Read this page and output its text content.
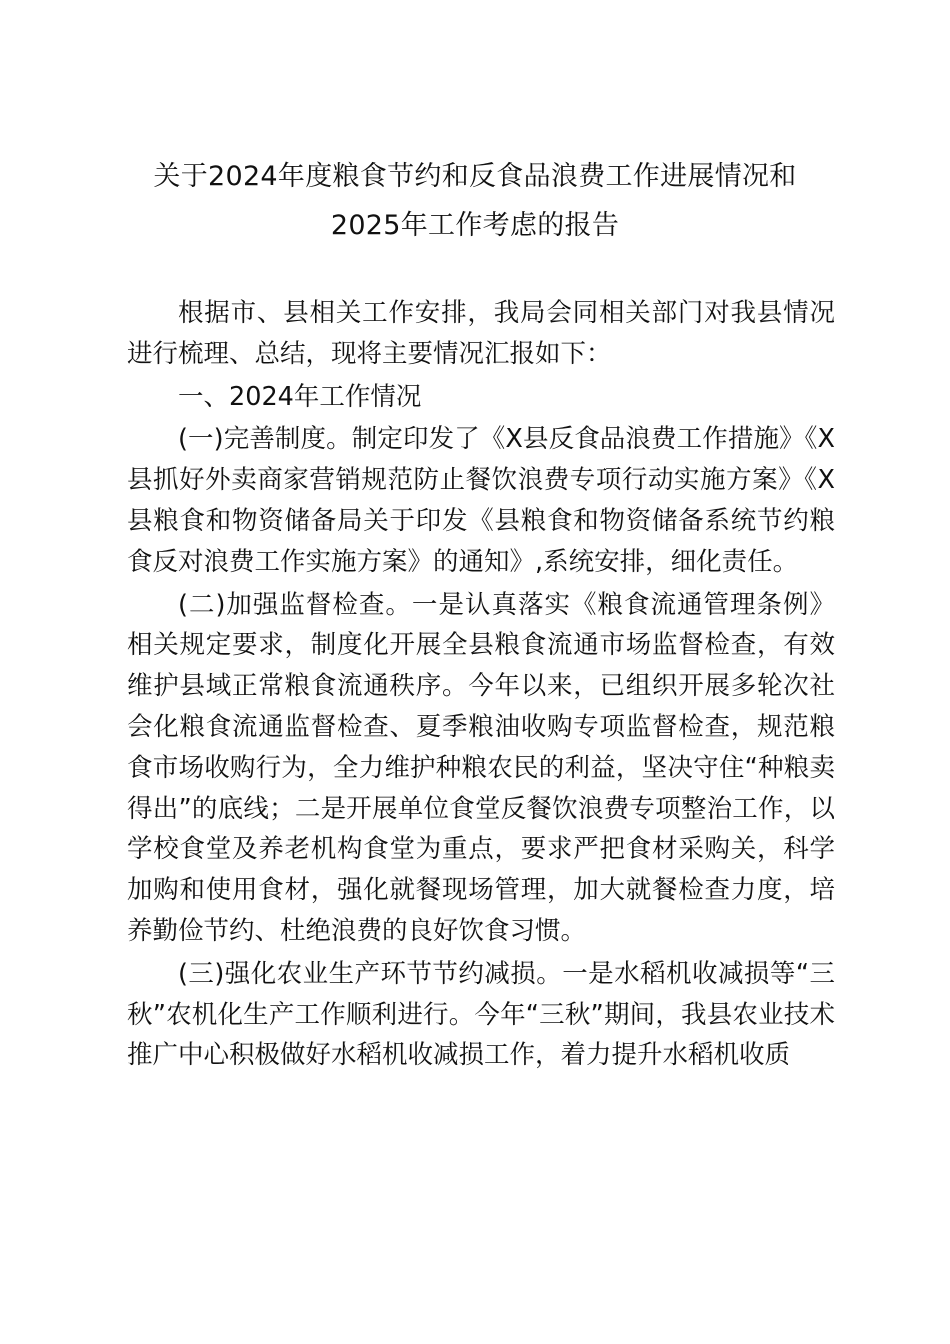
关于2024年度粮食节约和反食品浪费工作进展情况和
2025年工作考虑的报告

根据市、县相关工作安排，我局会同相关部门对我县情况进行梳理、总结，现将主要情况汇报如下：

一、2024年工作情况

(一)完善制度。制定印发了《X县反食品浪费工作措施》《X县抓好外卖商家营销规范防止餐饮浪费专项行动实施方案》《X县粮食和物资储备局关于印发《县粮食和物资储备系统节约粮食反对浪费工作实施方案》的通知》,系统安排，细化责任。

(二)加强监督检查。一是认真落实《粮食流通管理条例》相关规定要求，制度化开展全县粮食流通市场监督检查，有效维护县域正常粮食流通秩序。今年以来，已组织开展多轮次社会化粮食流通监督检查、夏季粮油收购专项监督检查，规范粮食市场收购行为，全力维护种粮农民的利益，坚决守住“种粮卖得出”的底线；二是开展单位食堂反餐饮浪费专项整治工作，以学校食堂及养老机构食堂为重点，要求严把食材采购关，科学加购和使用食材，强化就餐现场管理，加大就餐检查力度，培养勤俭节约、杜绝浪费的良好饮食习惯。

(三)强化农业生产环节节约减损。一是水稻机收减损等“三秋”农机化生产工作顺利进行。今年“三秋”期间，我县农业技术推广中心积极做好水稻机收减损工作，着力提升水稻机收质
